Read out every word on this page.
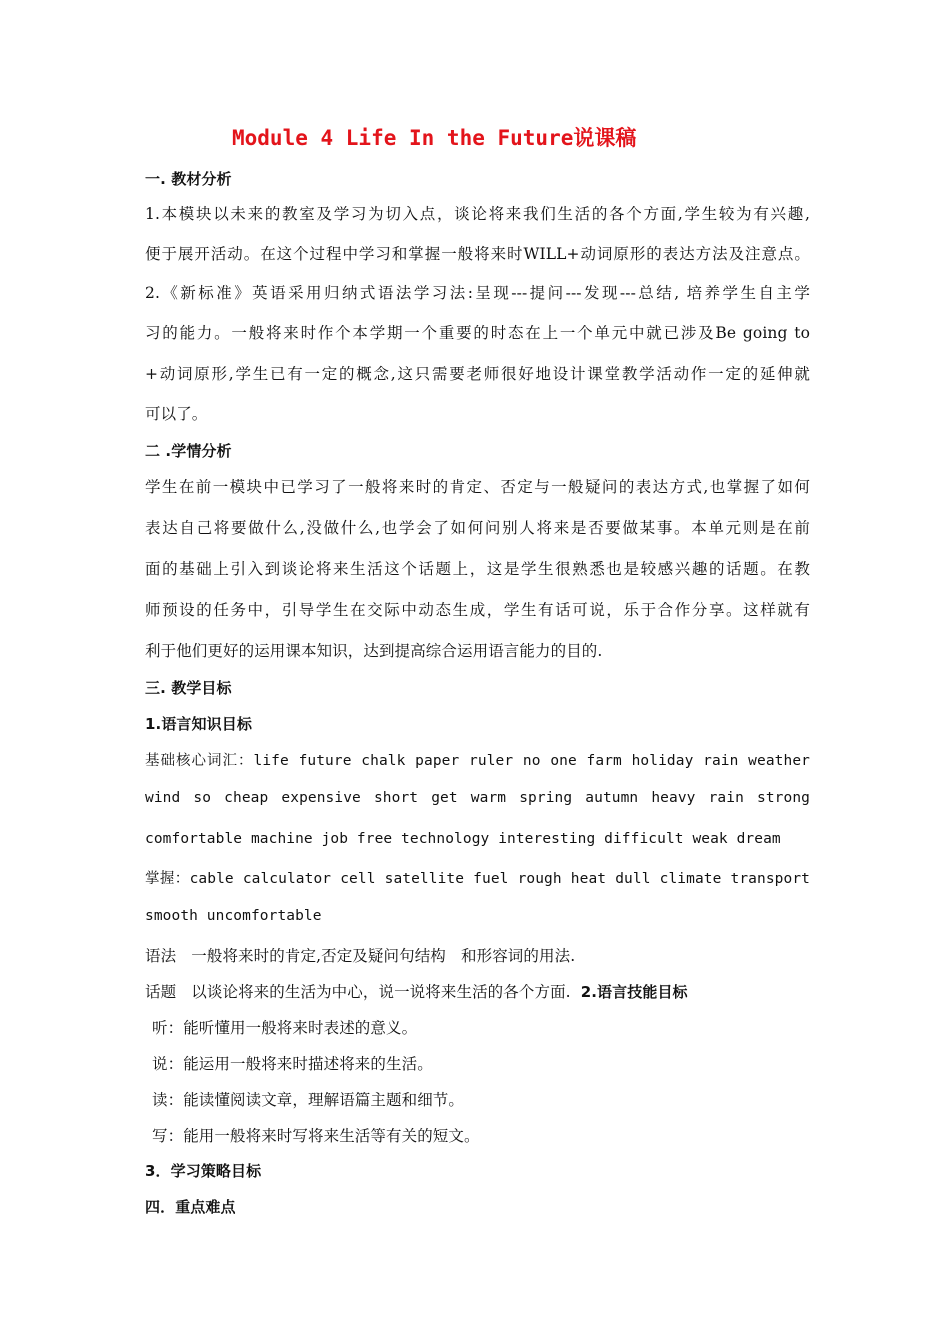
Module 4 Life In the Future说课稿
一. 教材分析
1.本模块以未来的教室及学习为切入点，谈论将来我们生活的各个方面,学生较为有兴趣,
便于展开活动。在这个过程中学习和掌握一般将来时WILL+动词原形的表达方法及注意点。
2.《新标准》英语采用归纳式语法学习法:呈现---提问---发现---总结, 培养学生自主学
习的能力。一般将来时作个本学期一个重要的时态在上一个单元中就已涉及Be going to
+动词原形,学生已有一定的概念,这只需要老师很好地设计课堂教学活动作一定的延伸就
可以了。
二 .学情分析
学生在前一模块中已学习了一般将来时的肯定、否定与一般疑问的表达方式,也掌握了如何
表达自己将要做什么,没做什么,也学会了如何问别人将来是否要做某事。本单元则是在前
面的基础上引入到谈论将来生活这个话题上，这是学生很熟悉也是较感兴趣的话题。在教
师预设的任务中，引导学生在交际中动态生成，学生有话可说，乐于合作分享。这样就有
利于他们更好的运用课本知识，达到提高综合运用语言能力的目的.
三. 教学目标
1.语言知识目标
基础核心词汇：life future chalk paper ruler no one farm holiday rain weather
wind so cheap expensive short get warm spring autumn heavy rain strong
comfortable machine job free technology interesting difficult weak dream
掌握：cable calculator cell satellite fuel rough heat dull climate transport
smooth uncomfortable
语法   一般将来时的肯定,否定及疑问句结构   和形容词的用法.
话题   以谈论将来的生活为中心，说一说将来生活的各个方面. 2.语言技能目标
听：能听懂用一般将来时表述的意义。
说：能运用一般将来时描述将来的生活。
读：能读懂阅读文章，理解语篇主题和细节。
写：能用一般将来时写将来生活等有关的短文。
3．学习策略目标
四．重点难点
